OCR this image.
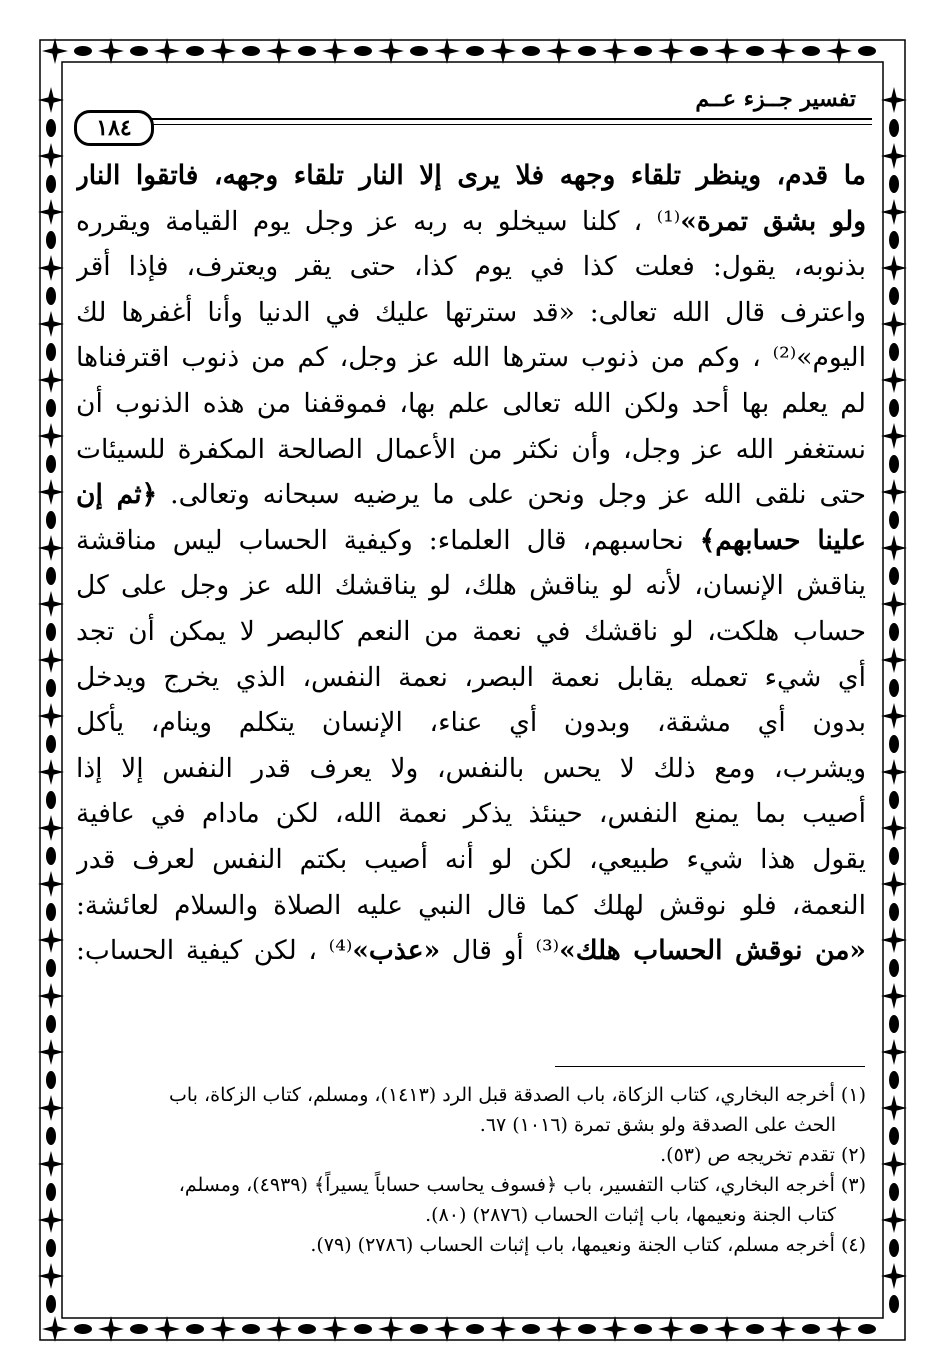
تفسير جــزء عــم
١٨٤
ما قدم، وينظر تلقاء وجهه فلا يرى إلا النار تلقاء وجهه، فاتقوا النار
ولو بشق تمرة»⁽¹⁾ ، كلنا سيخلو به ربه عز وجل يوم القيامة ويقرره
بذنوبه، يقول: فعلت كذا في يوم كذا، حتى يقر ويعترف، فإذا أقر
واعترف قال الله تعالى: «قد سترتها عليك في الدنيا وأنا أغفرها لك
اليوم»⁽²⁾ ، وكم من ذنوب سترها الله عز وجل، كم من ذنوب اقترفناها
لم يعلم بها أحد ولكن الله تعالى علم بها، فموقفنا من هذه الذنوب أن
نستغفر الله عز وجل، وأن نكثر من الأعمال الصالحة المكفرة للسيئات
حتى نلقى الله عز وجل ونحن على ما يرضيه سبحانه وتعالى. ﴿ثم إن
علينا حسابهم﴾ نحاسبهم، قال العلماء: وكيفية الحساب ليس مناقشة
يناقش الإنسان، لأنه لو يناقش هلك، لو يناقشك الله عز وجل على كل
حساب هلكت، لو ناقشك في نعمة من النعم كالبصر لا يمكن أن تجد
أي شيء تعمله يقابل نعمة البصر، نعمة النفس، الذي يخرج ويدخل
بدون أي مشقة، وبدون أي عناء، الإنسان يتكلم وينام، يأكل
ويشرب، ومع ذلك لا يحس بالنفس، ولا يعرف قدر النفس إلا إذا
أصيب بما يمنع النفس، حينئذ يذكر نعمة الله، لكن مادام في عافية
يقول هذا شيء طبيعي، لكن لو أنه أصيب بكتم النفس لعرف قدر
النعمة، فلو نوقش لهلك كما قال النبي عليه الصلاة والسلام لعائشة:
«من نوقش الحساب هلك»⁽³⁾ أو قال «عذب»⁽⁴⁾ ، لكن كيفية الحساب:
(١) أخرجه البخاري، كتاب الزكاة، باب الصدقة قبل الرد (١٤١٣)، ومسلم، كتاب الزكاة، باب
الحث على الصدقة ولو بشق تمرة (١٠١٦) ٦٧.
(٢) تقدم تخريجه ص (٥٣).
(٣) أخرجه البخاري، كتاب التفسير، باب ﴿فسوف يحاسب حساباً يسيراً﴾ (٤٩٣٩)، ومسلم،
كتاب الجنة ونعيمها، باب إثبات الحساب (٢٨٧٦) (٨٠).
(٤) أخرجه مسلم، كتاب الجنة ونعيمها، باب إثبات الحساب (٢٧٨٦) (٧٩).
